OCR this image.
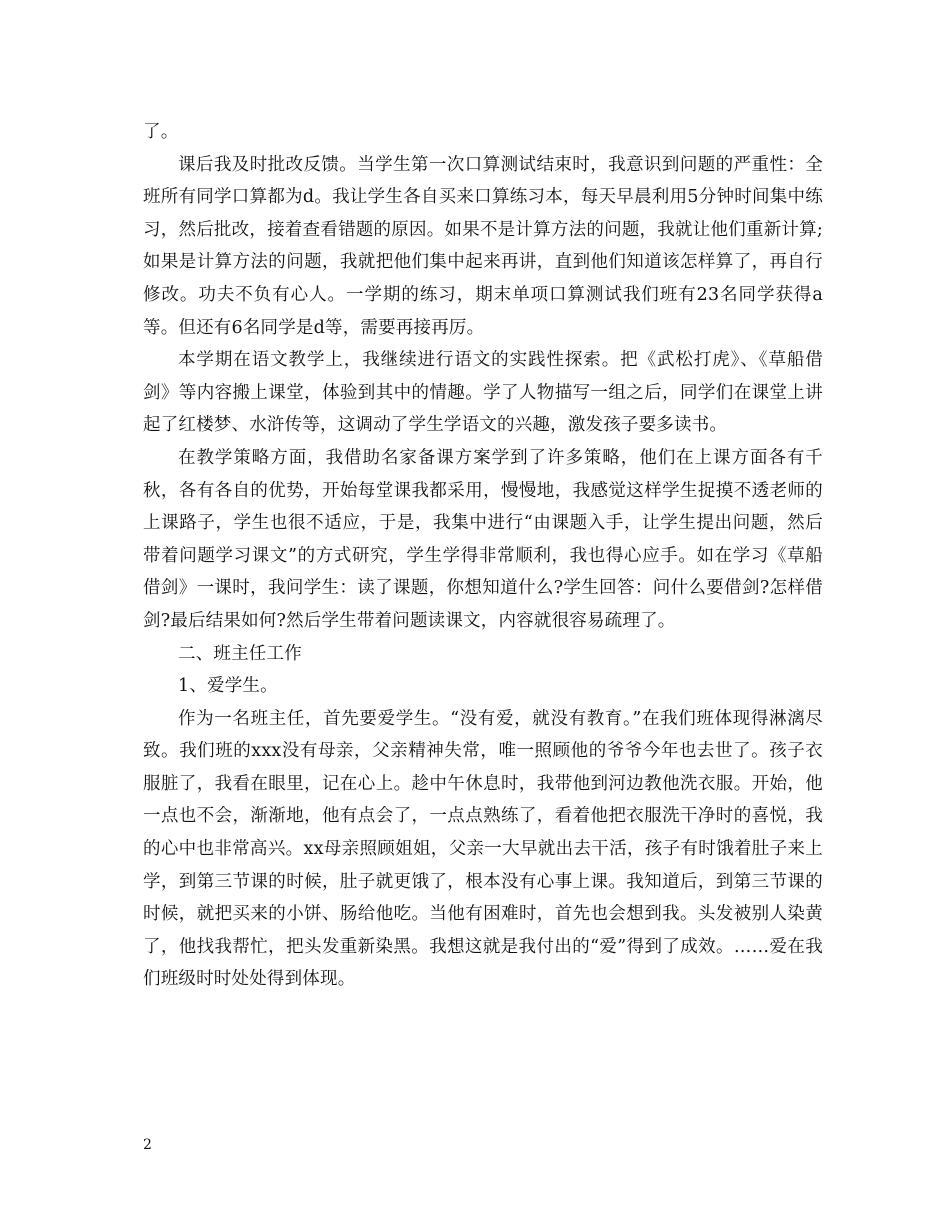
了。

课后我及时批改反馈。当学生第一次口算测试结束时，我意识到问题的严重性：全班所有同学口算都为d。我让学生各自买来口算练习本，每天早晨利用5分钟时间集中练习，然后批改，接着查看错题的原因。如果不是计算方法的问题，我就让他们重新计算;如果是计算方法的问题，我就把他们集中起来再讲，直到他们知道该怎样算了，再自行修改。功夫不负有心人。一学期的练习，期末单项口算测试我们班有23名同学获得a等。但还有6名同学是d等，需要再接再厉。

本学期在语文教学上，我继续进行语文的实践性探索。把《武松打虎》、《草船借剑》等内容搬上课堂，体验到其中的情趣。学了人物描写一组之后，同学们在课堂上讲起了红楼梦、水浒传等，这调动了学生学语文的兴趣，激发孩子要多读书。

在教学策略方面，我借助名家备课方案学到了许多策略，他们在上课方面各有千秋，各有各自的优势，开始每堂课我都采用，慢慢地，我感觉这样学生捉摸不透老师的上课路子，学生也很不适应，于是，我集中进行“由课题入手，让学生提出问题，然后带着问题学习课文”的方式研究，学生学得非常顺利，我也得心应手。如在学习《草船借剑》一课时，我问学生：读了课题，你想知道什么?学生回答：问什么要借剑?怎样借剑?最后结果如何?然后学生带着问题读课文，内容就很容易疏理了。

二、班主任工作

1、爱学生。

作为一名班主任，首先要爱学生。“没有爱，就没有教育。”在我们班体现得淋漓尽致。我们班的xxx没有母亲，父亲精神失常，唯一照顾他的爷爷今年也去世了。孩子衣服脏了，我看在眼里，记在心上。趁中午休息时，我带他到河边教他洗衣服。开始，他一点也不会，渐渐地，他有点会了，一点点熟练了，看着他把衣服洗干净时的喜悦，我的心中也非常高兴。xx母亲照顾姐姐，父亲一大早就出去干活，孩子有时饿着肚子来上学，到第三节课的时候，肚子就更饿了，根本没有心事上课。我知道后，到第三节课的时候，就把买来的小饼、肠给他吃。当他有困难时，首先也会想到我。头发被别人染黄了，他找我帮忙，把头发重新染黑。我想这就是我付出的“爱”得到了成效。……爱在我们班级时时处处得到体现。

2
